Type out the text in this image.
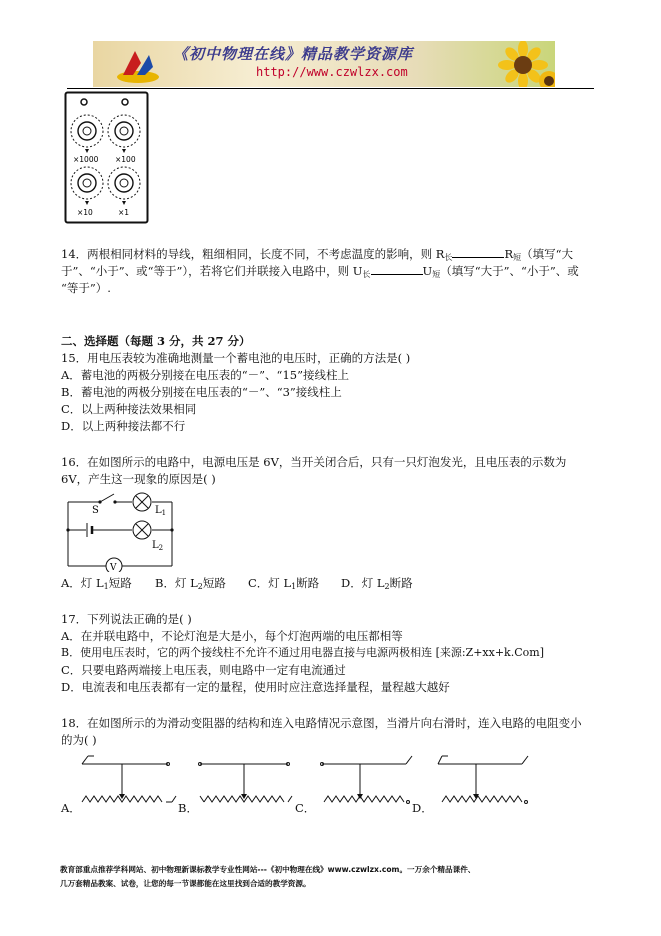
《初中物理在线》精品教学资源库
http://www.czwlzx.com
×1000 ×100
×10	×1
14．两根相同材料的导线，粗细相同，长度不同，不考虑温度的影响，则 $R_长$	$R_短$（填写“大
于”、“小于”、或“等于”），若将它们并联接入电路中，则 $U_长$	$U_短$（填写“大于”、“小于”、或
“等于”）.
二、选择题（每题 3 分，共 27 分）
15．用电压表较为准确地测量一个蓄电池的电压时，正确的方法是( )
A．蓄电池的两极分别接在电压表的“－”、“15”接线柱上
B．蓄电池的两极分别接在电压表的“－”、“3”接线柱上
C．以上两种接法效果相同
D．以上两种接法都不行
16．在如图所示的电路中，电源电压是 6V，当开关闭合后，只有一只灯泡发光，且电压表的示数为
6V，产生这一现象的原因是( )
S	$L_1$
$L_2$
V
A．灯 $L_1$短路 B．灯 $L_2$短路 C．灯 $L_1$断路 D．灯 $L_2$断路
17．下列说法正确的是( )
A．在并联电路中，不论灯泡是大是小，每个灯泡两端的电压都相等
B．使用电压表时，它的两个接线柱不允许不通过用电器直接与电源两极相连 [来源:Z+xx+k.Com]
C．只要电路两端接上电压表，则电路中一定有电流通过
D．电流表和电压表都有一定的量程，使用时应注意选择量程，量程越大越好
18．在如图所示的为滑动变阻器的结构和连入电路情况示意图，当滑片向右滑时，连入电路的电阻变小
的为( )
A．	B．	C．	D．
教育部重点推荐学科网站、初中物理新课标教学专业性网站---《初中物理在线》www.czwlzx.com。一万余个精品课件、
几万套精品教案、试卷，让您的每一节课都能在这里找到合适的教学资源。
